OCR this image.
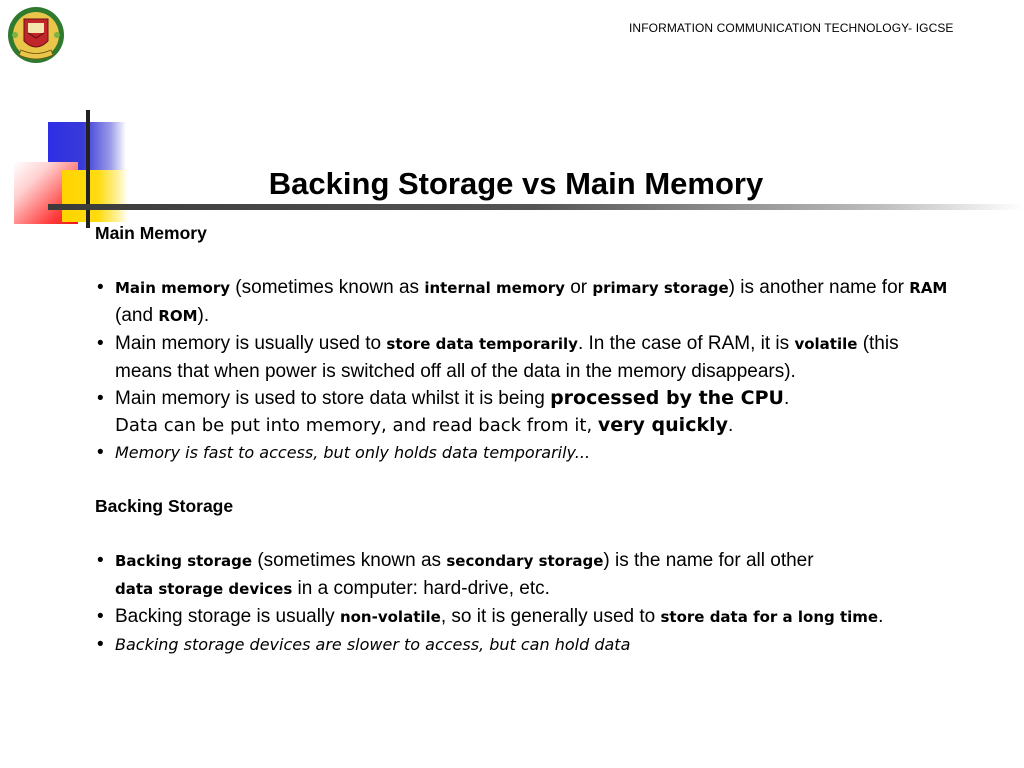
INFORMATION COMMUNICATION TECHNOLOGY- IGCSE
Backing Storage vs Main Memory

Main Memory

• Main memory (sometimes known as internal memory or primary storage) is another name for RAM (and ROM).
• Main memory is usually used to store data temporarily. In the case of RAM, it is volatile (this means that when power is switched off all of the data in the memory disappears).
• Main memory is used to store data whilst it is being processed by the CPU.
Data can be put into memory, and read back from it, very quickly.
• Memory is fast to access, but only holds data temporarily...

Backing Storage

• Backing storage (sometimes known as secondary storage) is the name for all other
data storage devices in a computer: hard-drive, etc.
• Backing storage is usually non-volatile, so it is generally used to store data for a long time.
• Backing storage devices are slower to access, but can hold data
